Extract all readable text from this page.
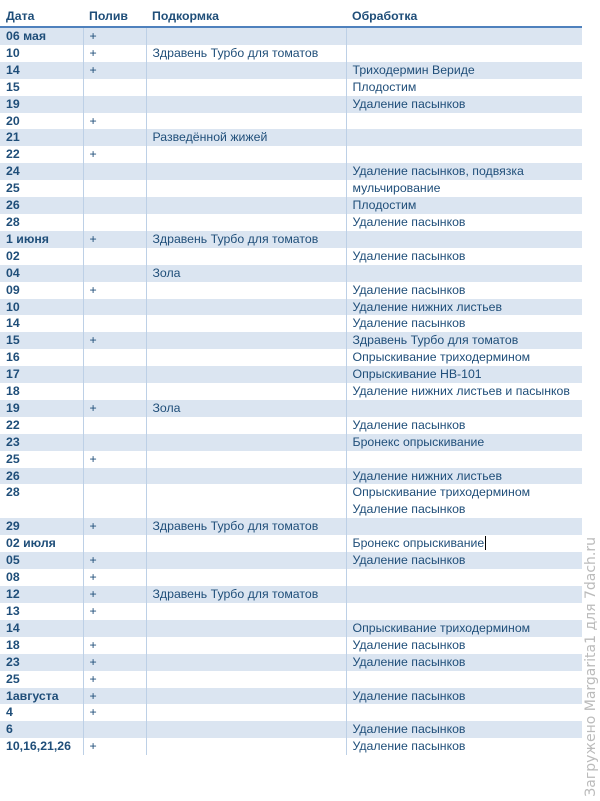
Дата	Полив	Подкормка	Обработка
06 мая	+		
10	+	Здравень Турбо для томатов	
14	+		Триходермин Вериде
15			Плодостим
19			Удаление пасынков
20	+		
21		Разведённой жижей	
22	+		
24			Удаление пасынков, подвязка
25			мульчирование
26			Плодостим
28			Удаление пасынков
1 июня	+	Здравень Турбо для томатов	
02			Удаление пасынков
04		Зола	
09	+		Удаление пасынков
10			Удаление нижних листьев
14			Удаление пасынков
15	+		Здравень Турбо для томатов
16			Опрыскивание триходермином
17			Опрыскивание НВ-101
18			Удаление нижних листьев и пасынков
19	+	Зола	
22			Удаление пасынков
23			Бронекс опрыскивание
25	+		
26			Удаление нижних листьев
28			Опрыскивание триходермином
Удаление пасынков

29	+	Здравень Турбо для томатов	
02 июля			Бронекс опрыскивание
05	+		Удаление пасынков
08	+		
12	+	Здравень Турбо для томатов	
13	+		
14			Опрыскивание триходермином
18	+		Удаление пасынков
23	+		Удаление пасынков
25	+		
1августа	+		Удаление пасынков
4	+		
6			Удаление пасынков
10,16,21,26	+		Удаление пасынков	Загружено Margarita1 для 7dach.ru
